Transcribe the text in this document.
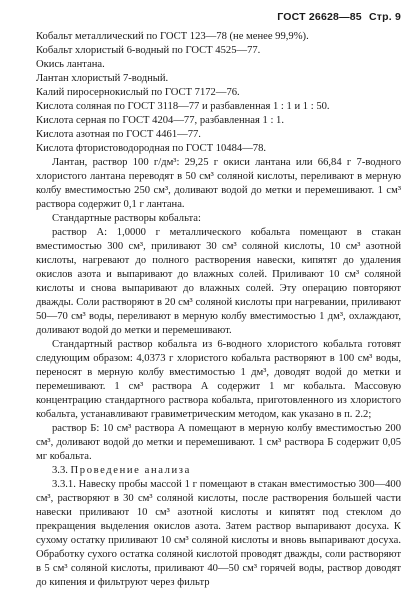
ГОСТ 26628—85 Стр. 9

Кобальт металлический по ГОСТ 123—78 (не менее 99,9%).

Кобальт хлористый 6-водный по ГОСТ 4525—77.

Окись лантана.

Лантан хлористый 7-водный.

Калий пиросернокислый по ГОСТ 7172—76.

Кислота соляная по ГОСТ 3118—77 и разбавленная 1 : 1 и 1 : 50.

Кислота серная по ГОСТ 4204—77, разбавленная 1 : 1.

Кислота азотная по ГОСТ 4461—77.

Кислота фтористоводородная по ГОСТ 10484—78.

Лантан, раствор 100 г/дм³: 29,25 г окиси лантана или 66,84 г 7-водного хлористого лантана переводят в 50 см³ соляной кислоты, переливают в мерную колбу вместимостью 250 см³, доливают водой до метки и перемешивают. 1 см³ раствора содержит 0,1 г лантана.

Стандартные растворы кобальта:

раствор А: 1,0000 г металлического кобальта помещают в стакан вместимостью 300 см³, приливают 30 см³ соляной кислоты, 10 см³ азотной кислоты, нагревают до полного растворения навески, кипятят до удаления окислов азота и выпаривают до влажных солей. Приливают 10 см³ соляной кислоты и снова выпаривают до влажных солей. Эту операцию повторяют дважды. Соли растворяют в 20 см³ соляной кислоты при нагревании, приливают 50—70 см³ воды, переливают в мерную колбу вместимостью 1 дм³, охлаждают, доливают водой до метки и перемешивают.

Стандартный раствор кобальта из 6-водного хлористого кобальта готовят следующим образом: 4,0373 г хлористого кобальта растворяют в 100 см³ воды, переносят в мерную колбу вместимостью 1 дм³, доводят водой до метки и перемешивают. 1 см³ раствора А содержит 1 мг кобальта. Массовую концентрацию стандартного раствора кобальта, приготовленного из хлористого кобальта, устанавливают гравиметрическим методом, как указано в п. 2.2;

раствор Б: 10 см³ раствора А помещают в мерную колбу вместимостью 200 см³, доливают водой до метки и перемешивают. 1 см³ раствора Б содержит 0,05 мг кобальта.

3.3. Проведение анализа

3.3.1. Навеску пробы массой 1 г помещают в стакан вместимостью 300—400 см³, растворяют в 30 см³ соляной кислоты, после растворения большей части навески приливают 10 см³ азотной кислоты и кипятят под стеклом до прекращения выделения окислов азота. Затем раствор выпаривают досуха. К сухому остатку приливают 10 см³ соляной кислоты и вновь выпаривают досуха. Обработку сухого остатка соляной кислотой проводят дважды, соли растворяют в 5 см³ соляной кислоты, приливают 40—50 см³ горячей воды, раствор доводят до кипения и фильтруют через фильтр
